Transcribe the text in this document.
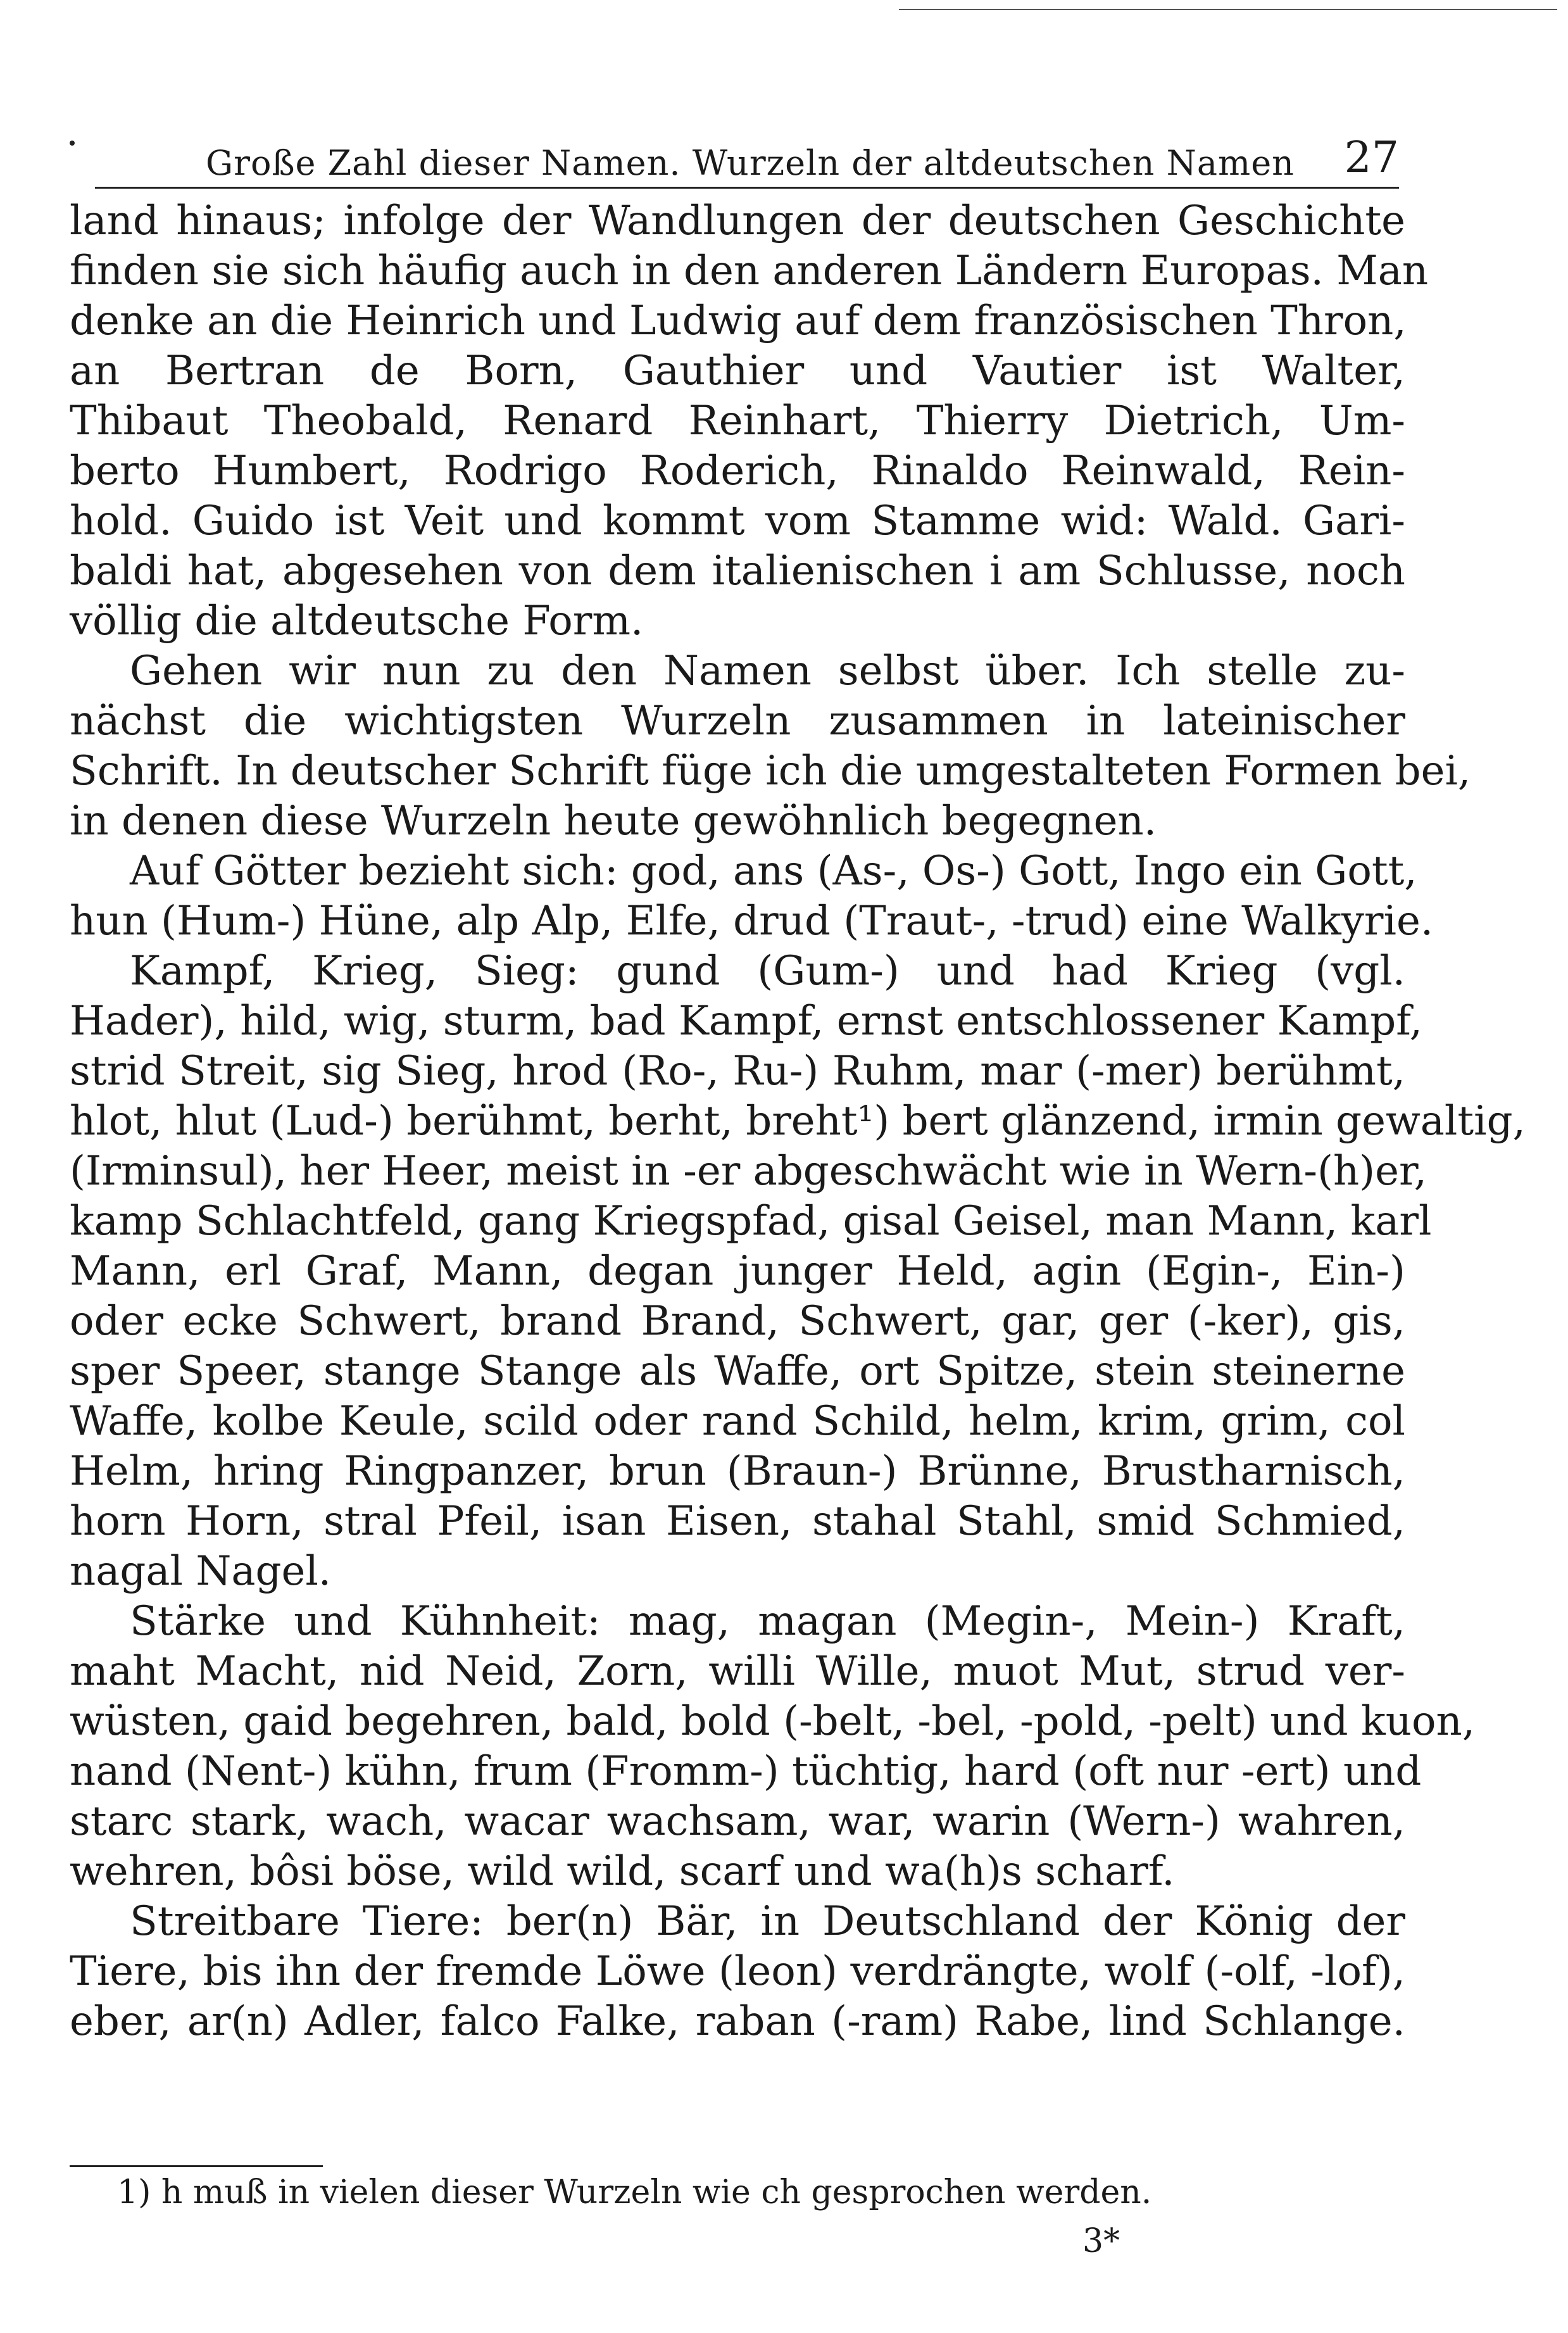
Große Zahl dieser Namen. Wurzeln der altdeutschen Namen 27
land hinaus; infolge der Wandlungen der deutschen Geschichte
finden sie sich häufig auch in den anderen Ländern Europas. Man
denke an die Heinrich und Ludwig auf dem französischen Thron,
an Bertran de Born, Gauthier und Vautier ist Walter,
Thibaut Theobald, Renard Reinhart, Thierry Dietrich, Um-
berto Humbert, Rodrigo Roderich, Rinaldo Reinwald, Rein-
hold. Guido ist Veit und kommt vom Stamme wid: Wald. Gari-
baldi hat, abgesehen von dem italienischen i am Schlusse, noch
völlig die altdeutsche Form.
Gehen wir nun zu den Namen selbst über. Ich stelle zu-
nächst die wichtigsten Wurzeln zusammen in lateinischer
Schrift. In deutscher Schrift füge ich die umgestalteten Formen bei,
in denen diese Wurzeln heute gewöhnlich begegnen.
Auf Götter bezieht sich: god, ans (As-, Os-) Gott, Ingo ein Gott,
hun (Hum-) Hüne, alp Alp, Elfe, drud (Traut-, -trud) eine Walkyrie.
Kampf, Krieg, Sieg: gund (Gum-) und had Krieg (vgl.
Hader), hild, wig, sturm, bad Kampf, ernst entschlossener Kampf,
strid Streit, sig Sieg, hrod (Ro-, Ru-) Ruhm, mar (-mer) berühmt,
hlot, hlut (Lud-) berühmt, berht, breht¹) bert glänzend, irmin gewaltig,
(Irminsul), her Heer, meist in -er abgeschwächt wie in Wern-(h)er,
kamp Schlachtfeld, gang Kriegspfad, gisal Geisel, man Mann, karl
Mann, erl Graf, Mann, degan junger Held, agin (Egin-, Ein-)
oder ecke Schwert, brand Brand, Schwert, gar, ger (-ker), gis,
sper Speer, stange Stange als Waffe, ort Spitze, stein steinerne
Waffe, kolbe Keule, scild oder rand Schild, helm, krim, grim, col
Helm, hring Ringpanzer, brun (Braun-) Brünne, Brustharnisch,
horn Horn, stral Pfeil, isan Eisen, stahal Stahl, smid Schmied,
nagal Nagel.
Stärke und Kühnheit: mag, magan (Megin-, Mein-) Kraft,
maht Macht, nid Neid, Zorn, willi Wille, muot Mut, strud ver-
wüsten, gaid begehren, bald, bold (-belt, -bel, -pold, -pelt) und kuon,
nand (Nent-) kühn, frum (Fromm-) tüchtig, hard (oft nur -ert) und
starc stark, wach, wacar wachsam, war, warin (Wern-) wahren,
wehren, bôsi böse, wild wild, scarf und wa(h)s scharf.
Streitbare Tiere: ber(n) Bär, in Deutschland der König der
Tiere, bis ihn der fremde Löwe (leon) verdrängte, wolf (-olf, -lof),
eber, ar(n) Adler, falco Falke, raban (-ram) Rabe, lind Schlange.
1) h muß in vielen dieser Wurzeln wie ch gesprochen werden.
3*
